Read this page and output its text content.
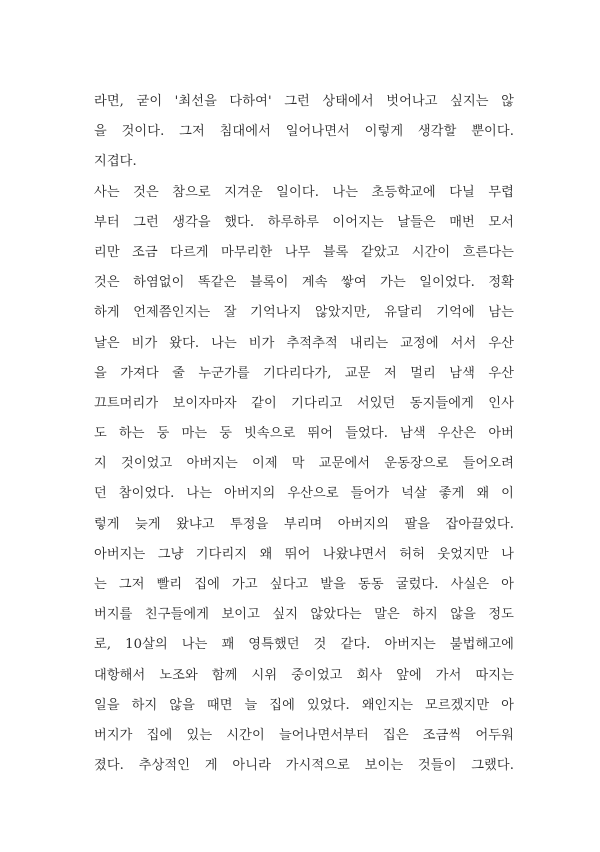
라면, 굳이 '최선을 다하여' 그런 상태에서 벗어나고 싶지는 않
을 것이다. 그저 침대에서 일어나면서 이렇게 생각할 뿐이다.
지겹다.
사는 것은 참으로 지겨운 일이다. 나는 초등학교에 다닐 무렵
부터 그런 생각을 했다. 하루하루 이어지는 날들은 매번 모서
리만 조금 다르게 마무리한 나무 블록 같았고 시간이 흐른다는
것은 하염없이 똑같은 블록이 계속 쌓여 가는 일이었다. 정확
하게 언제쯤인지는 잘 기억나지 않았지만, 유달리 기억에 남는
날은 비가 왔다. 나는 비가 추적추적 내리는 교정에 서서 우산
을 가져다 줄 누군가를 기다리다가, 교문 저 멀리 남색 우산
끄트머리가 보이자마자 같이 기다리고 서있던 동지들에게 인사
도 하는 둥 마는 둥 빗속으로 뛰어 들었다. 남색 우산은 아버
지 것이었고 아버지는 이제 막 교문에서 운동장으로 들어오려
던 참이었다. 나는 아버지의 우산으로 들어가 넉살 좋게 왜 이
렇게 늦게 왔냐고 투정을 부리며 아버지의 팔을 잡아끌었다.
아버지는 그냥 기다리지 왜 뛰어 나왔냐면서 허허 웃었지만 나
는 그저 빨리 집에 가고 싶다고 발을 동동 굴렀다. 사실은 아
버지를 친구들에게 보이고 싶지 않았다는 말은 하지 않을 정도
로, 10살의 나는 꽤 영특했던 것 같다. 아버지는 불법해고에
대항해서 노조와 함께 시위 중이었고 회사 앞에 가서 따지는
일을 하지 않을 때면 늘 집에 있었다. 왜인지는 모르겠지만 아
버지가 집에 있는 시간이 늘어나면서부터 집은 조금씩 어두워
졌다. 추상적인 게 아니라 가시적으로 보이는 것들이 그랬다.
